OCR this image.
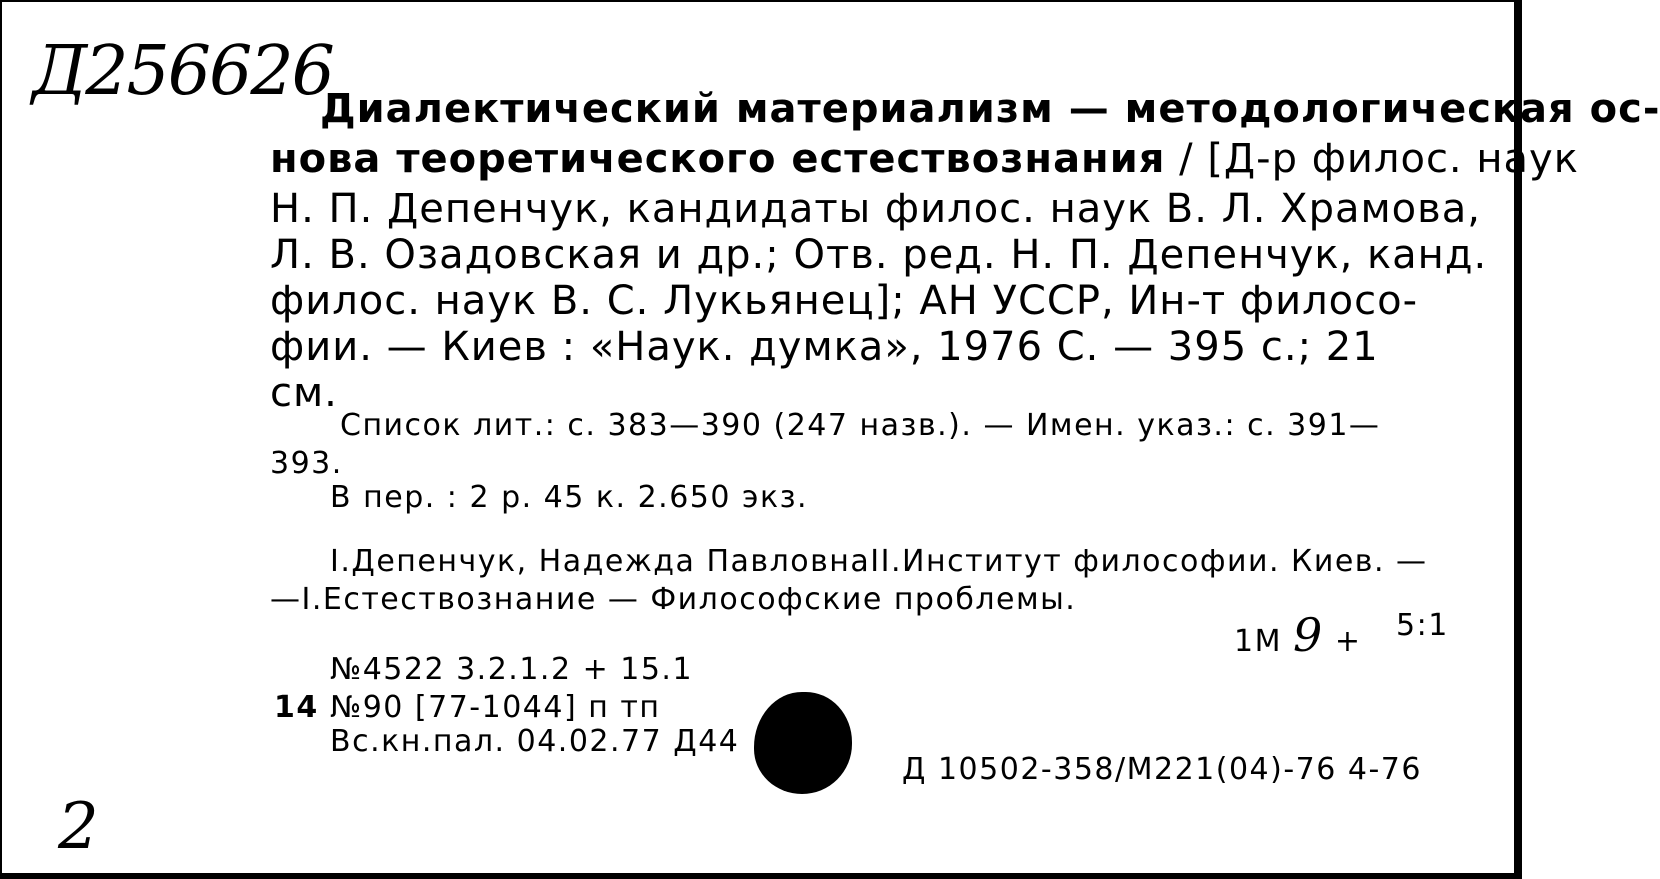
Д256626
Диалектический материализм — методологическая ос-
нова теоретического естествознания / [Д-р филос. наук
Н. П. Депенчук, кандидаты филос. наук В. Л. Храмова,
Л. В. Озадовская и др.; Отв. ред. Н. П. Депенчук, канд.
филос. наук В. С. Лукьянец]; АН УССР, Ин-т филосо-
фии. — Киев : «Наук. думка», 1976 С. — 395 с.; 21
см.
Список лит.: с. 383—390 (247 назв.). — Имен. указ.: с. 391—
393.
В пер. : 2 р. 45 к. 2.650 экз.
I.Депенчук, Надежда ПавловнаII.Институт философии. Киев. —
—I.Естествознание — Философские проблемы.
1М 9 + 5:1
№4522 3.2.1.2 + 15.1
14 №90 [77-1044] п тп
Вс.кн.пал. 04.02.77 Д44
Д 10502-358/М221(04)-76 4-76
2
